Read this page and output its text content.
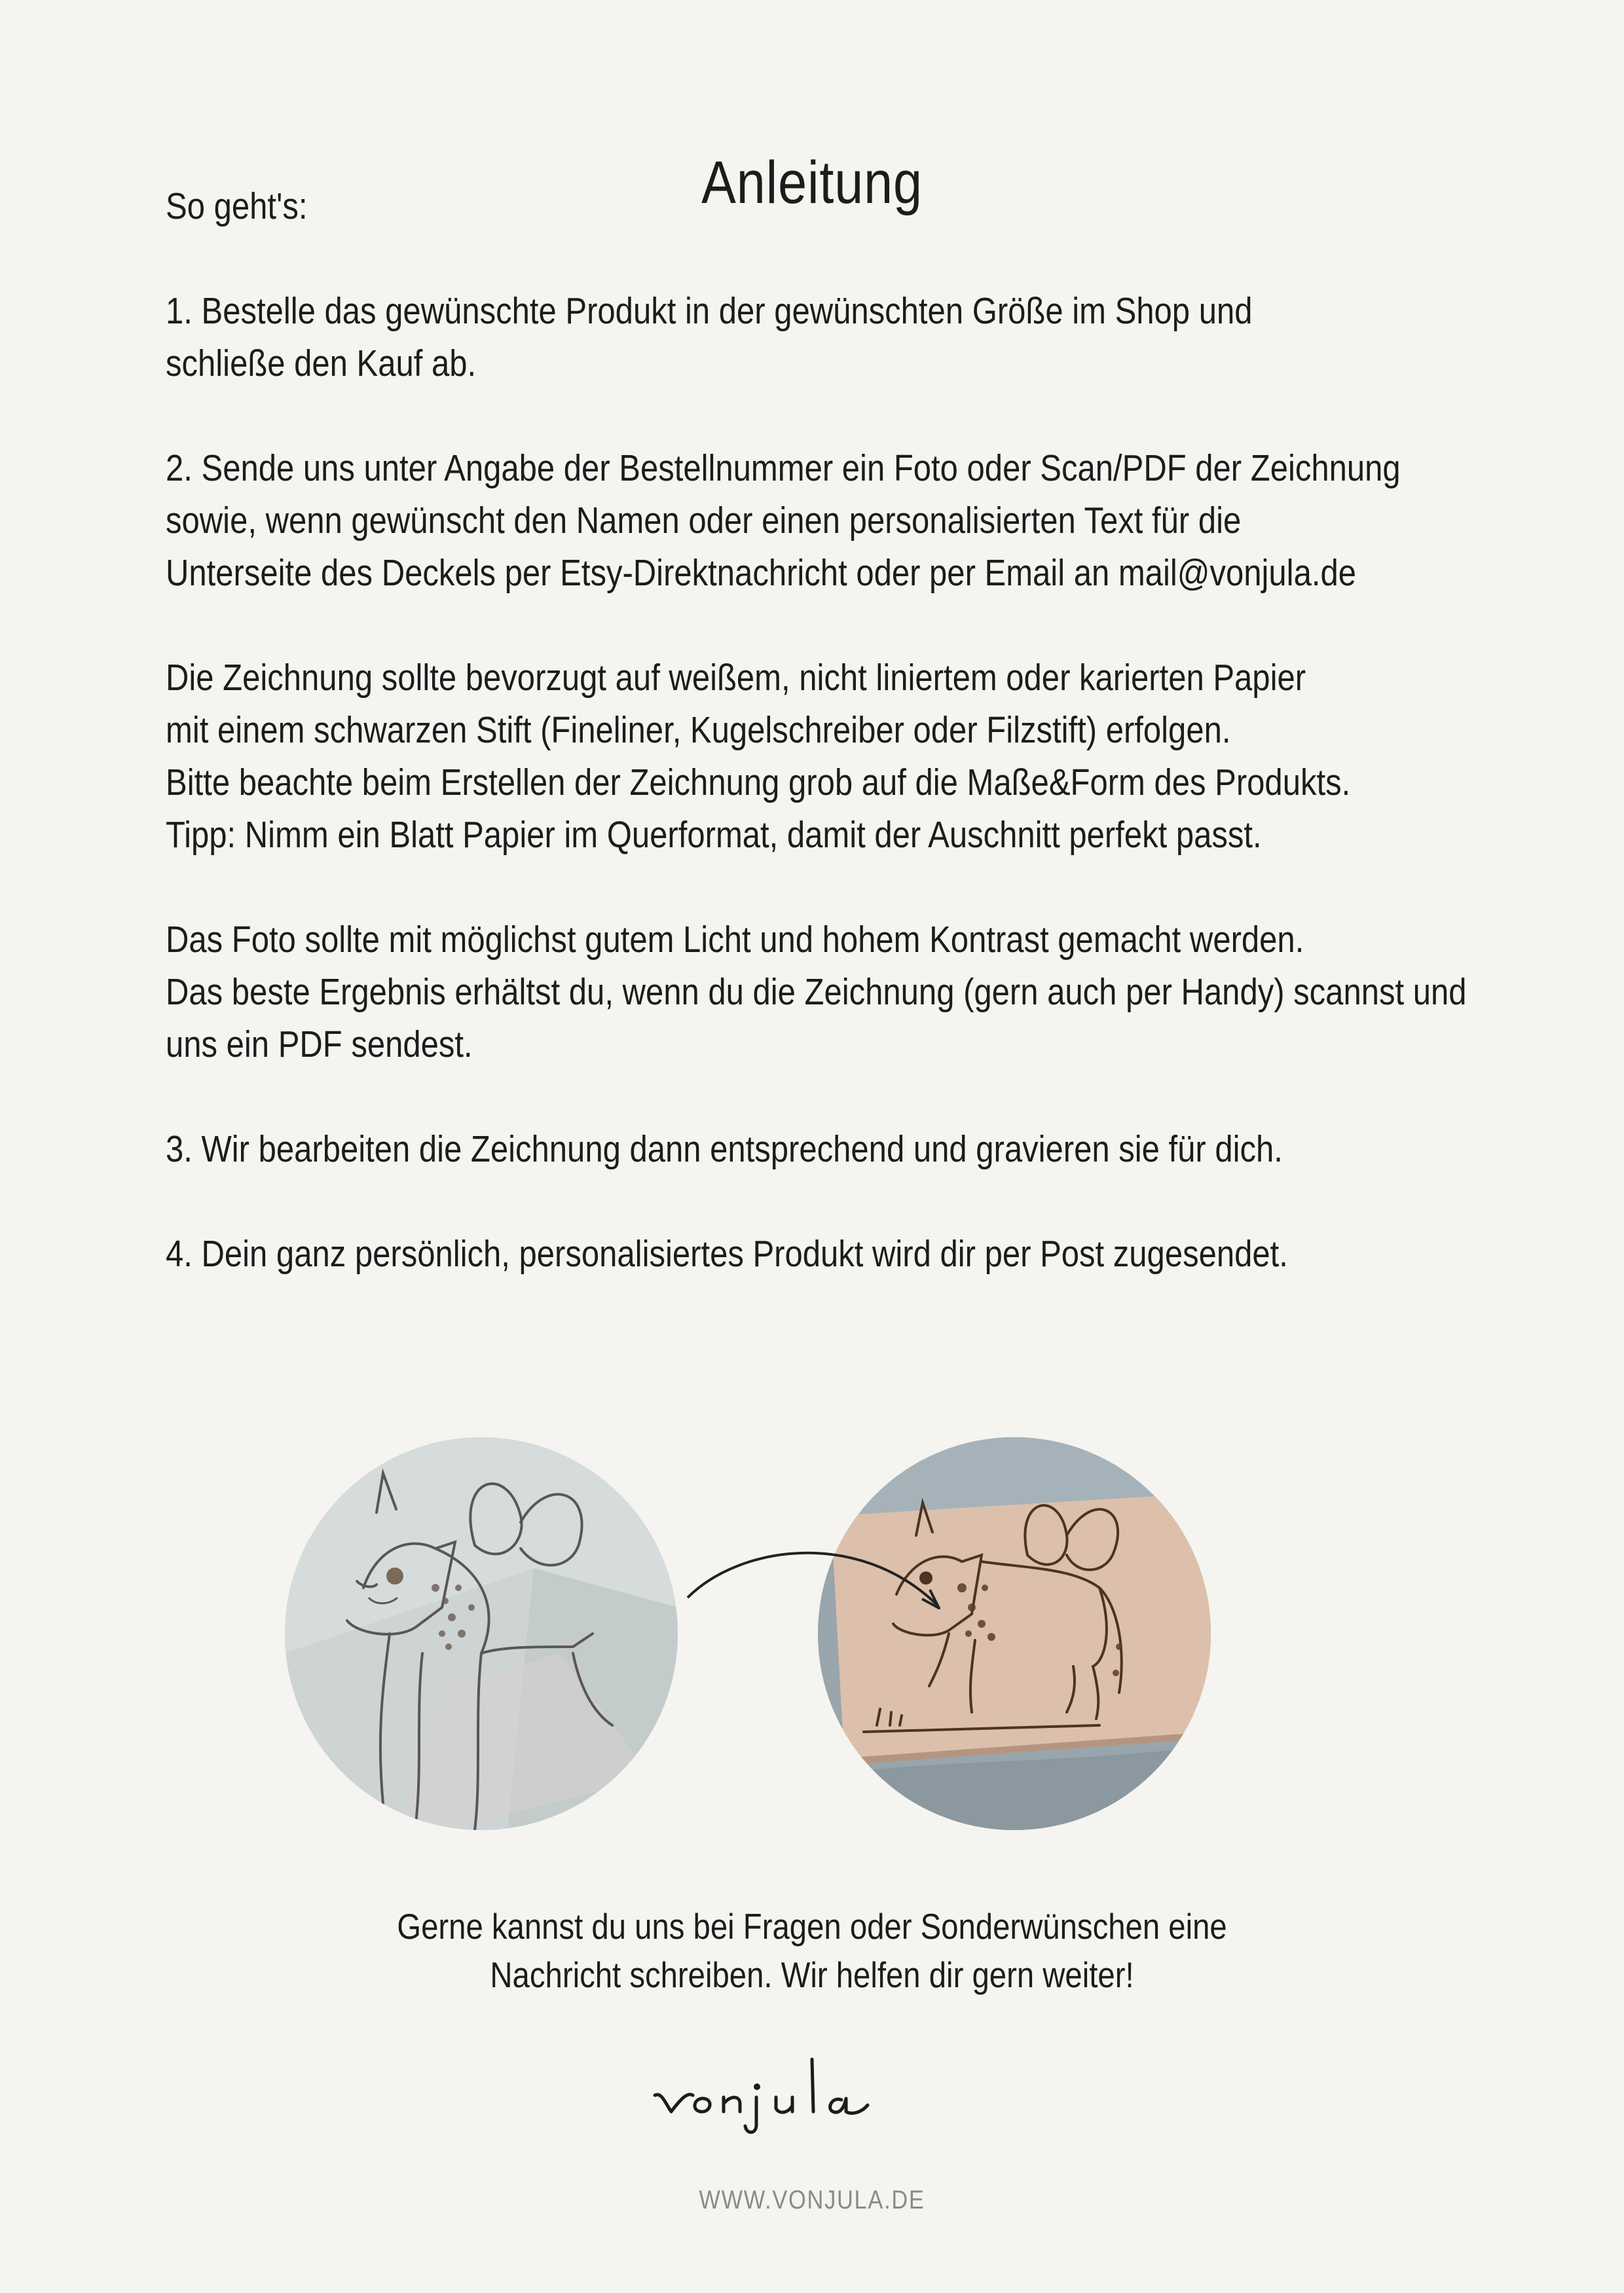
Anleitung

So geht's:

1. Bestelle das gewünschte Produkt in der gewünschten Größe im Shop und

schließe den Kauf ab.

2. Sende uns unter Angabe der Bestellnummer ein Foto oder Scan/PDF der Zeichnung

sowie, wenn gewünscht den Namen oder einen personalisierten Text für die

Unterseite des Deckels per Etsy-Direktnachricht oder per Email an mail@vonjula.de

Die Zeichnung sollte bevorzugt auf weißem, nicht liniertem oder karierten Papier

mit einem schwarzen Stift (Fineliner, Kugelschreiber oder Filzstift) erfolgen.

Bitte beachte beim Erstellen der Zeichnung grob auf die Maße&Form des Produkts.

Tipp: Nimm ein Blatt Papier im Querformat, damit der Auschnitt perfekt passt.

Das Foto sollte mit möglichst gutem Licht und hohem Kontrast gemacht werden.

Das beste Ergebnis erhältst du, wenn du die Zeichnung (gern auch per Handy) scannst und

uns ein PDF sendest.

3. Wir bearbeiten die Zeichnung dann entsprechend und gravieren sie für dich.

4. Dein ganz persönlich, personalisiertes Produkt wird dir per Post zugesendet.

Gerne kannst du uns bei Fragen oder Sonderwünschen eine

Nachricht schreiben. Wir helfen dir gern weiter!

WWW.VONJULA.DE
